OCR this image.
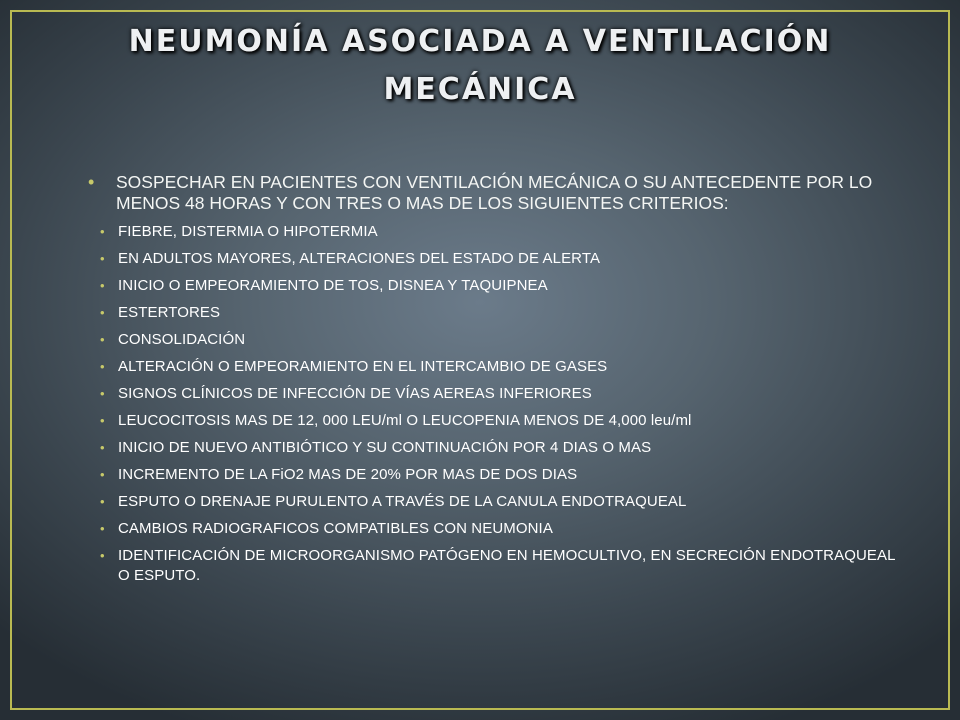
NEUMONÍA ASOCIADA A VENTILACIÓN MECÁNICA
• SOSPECHAR EN PACIENTES CON VENTILACIÓN MECÁNICA O SU ANTECEDENTE POR LO MENOS 48 HORAS Y CON TRES O MAS DE LOS SIGUIENTES CRITERIOS:
• FIEBRE, DISTERMIA O HIPOTERMIA
• EN ADULTOS MAYORES, ALTERACIONES DEL ESTADO DE ALERTA
• INICIO O EMPEORAMIENTO DE TOS, DISNEA Y TAQUIPNEA
• ESTERTORES
• CONSOLIDACIÓN
• ALTERACIÓN O EMPEORAMIENTO EN EL INTERCAMBIO DE GASES
• SIGNOS CLÍNICOS DE INFECCIÓN DE VÍAS AEREAS INFERIORES
• LEUCOCITOSIS MAS DE 12, 000 LEU/ml O LEUCOPENIA MENOS DE 4,000 leu/ml
• INICIO DE NUEVO ANTIBIÓTICO Y SU CONTINUACIÓN POR 4 DIAS O MAS
• INCREMENTO DE LA FiO2 MAS DE 20% POR MAS DE DOS DIAS
• ESPUTO O DRENAJE PURULENTO A TRAVÉS DE LA CANULA ENDOTRAQUEAL
• CAMBIOS RADIOGRAFICOS COMPATIBLES CON NEUMONIA
• IDENTIFICACIÓN DE MICROORGANISMO PATÓGENO EN HEMOCULTIVO, EN SECRECIÓN ENDOTRAQUEAL O ESPUTO.
